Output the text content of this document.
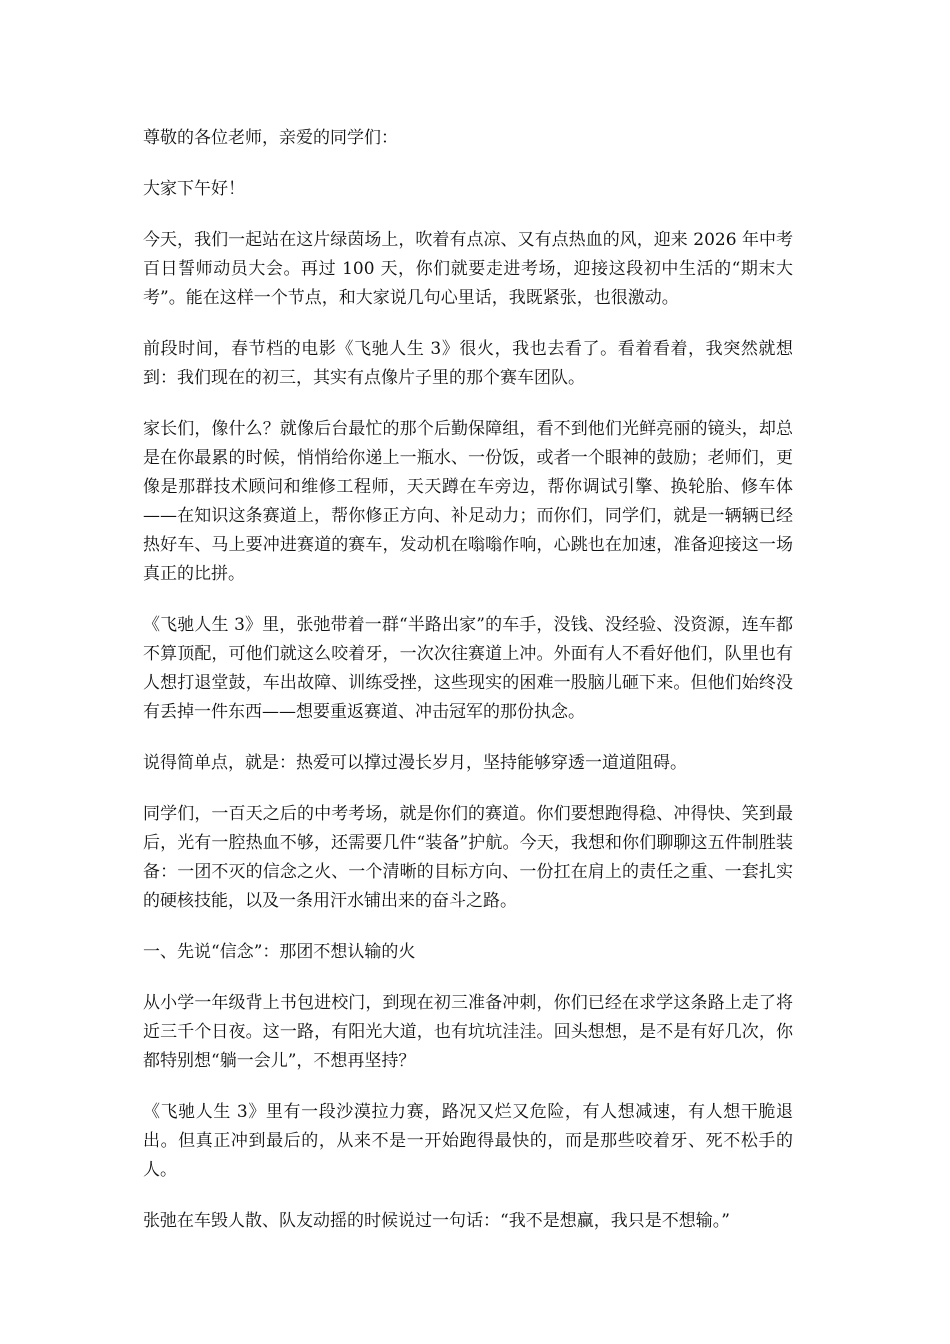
尊敬的各位老师，亲爱的同学们：

大家下午好！

今天，我们一起站在这片绿茵场上，吹着有点凉、又有点热血的风，迎来 2026 年中考百日誓师动员大会。再过 100 天，你们就要走进考场，迎接这段初中生活的“期末大考”。能在这样一个节点，和大家说几句心里话，我既紧张，也很激动。

前段时间，春节档的电影《飞驰人生 3》很火，我也去看了。看着看着，我突然就想到：我们现在的初三，其实有点像片子里的那个赛车团队。

家长们，像什么？就像后台最忙的那个后勤保障组，看不到他们光鲜亮丽的镜头，却总是在你最累的时候，悄悄给你递上一瓶水、一份饭，或者一个眼神的鼓励；老师们，更像是那群技术顾问和维修工程师，天天蹲在车旁边，帮你调试引擎、换轮胎、修车体——在知识这条赛道上，帮你修正方向、补足动力；而你们，同学们，就是一辆辆已经热好车、马上要冲进赛道的赛车，发动机在嗡嗡作响，心跳也在加速，准备迎接这一场真正的比拼。

《飞驰人生 3》里，张弛带着一群“半路出家”的车手，没钱、没经验、没资源，连车都不算顶配，可他们就这么咬着牙，一次次往赛道上冲。外面有人不看好他们，队里也有人想打退堂鼓，车出故障、训练受挫，这些现实的困难一股脑儿砸下来。但他们始终没有丢掉一件东西——想要重返赛道、冲击冠军的那份执念。

说得简单点，就是：热爱可以撑过漫长岁月，坚持能够穿透一道道阻碍。

同学们，一百天之后的中考考场，就是你们的赛道。你们要想跑得稳、冲得快、笑到最后，光有一腔热血不够，还需要几件“装备”护航。今天，我想和你们聊聊这五件制胜装备：一团不灭的信念之火、一个清晰的目标方向、一份扛在肩上的责任之重、一套扎实的硬核技能，以及一条用汗水铺出来的奋斗之路。

一、先说“信念”：那团不想认输的火

从小学一年级背上书包进校门，到现在初三准备冲刺，你们已经在求学这条路上走了将近三千个日夜。这一路，有阳光大道，也有坑坑洼洼。回头想想，是不是有好几次，你都特别想“躺一会儿”，不想再坚持？

《飞驰人生 3》里有一段沙漠拉力赛，路况又烂又危险，有人想减速，有人想干脆退出。但真正冲到最后的，从来不是一开始跑得最快的，而是那些咬着牙、死不松手的人。

张弛在车毁人散、队友动摇的时候说过一句话：“我不是想赢，我只是不想输。”
